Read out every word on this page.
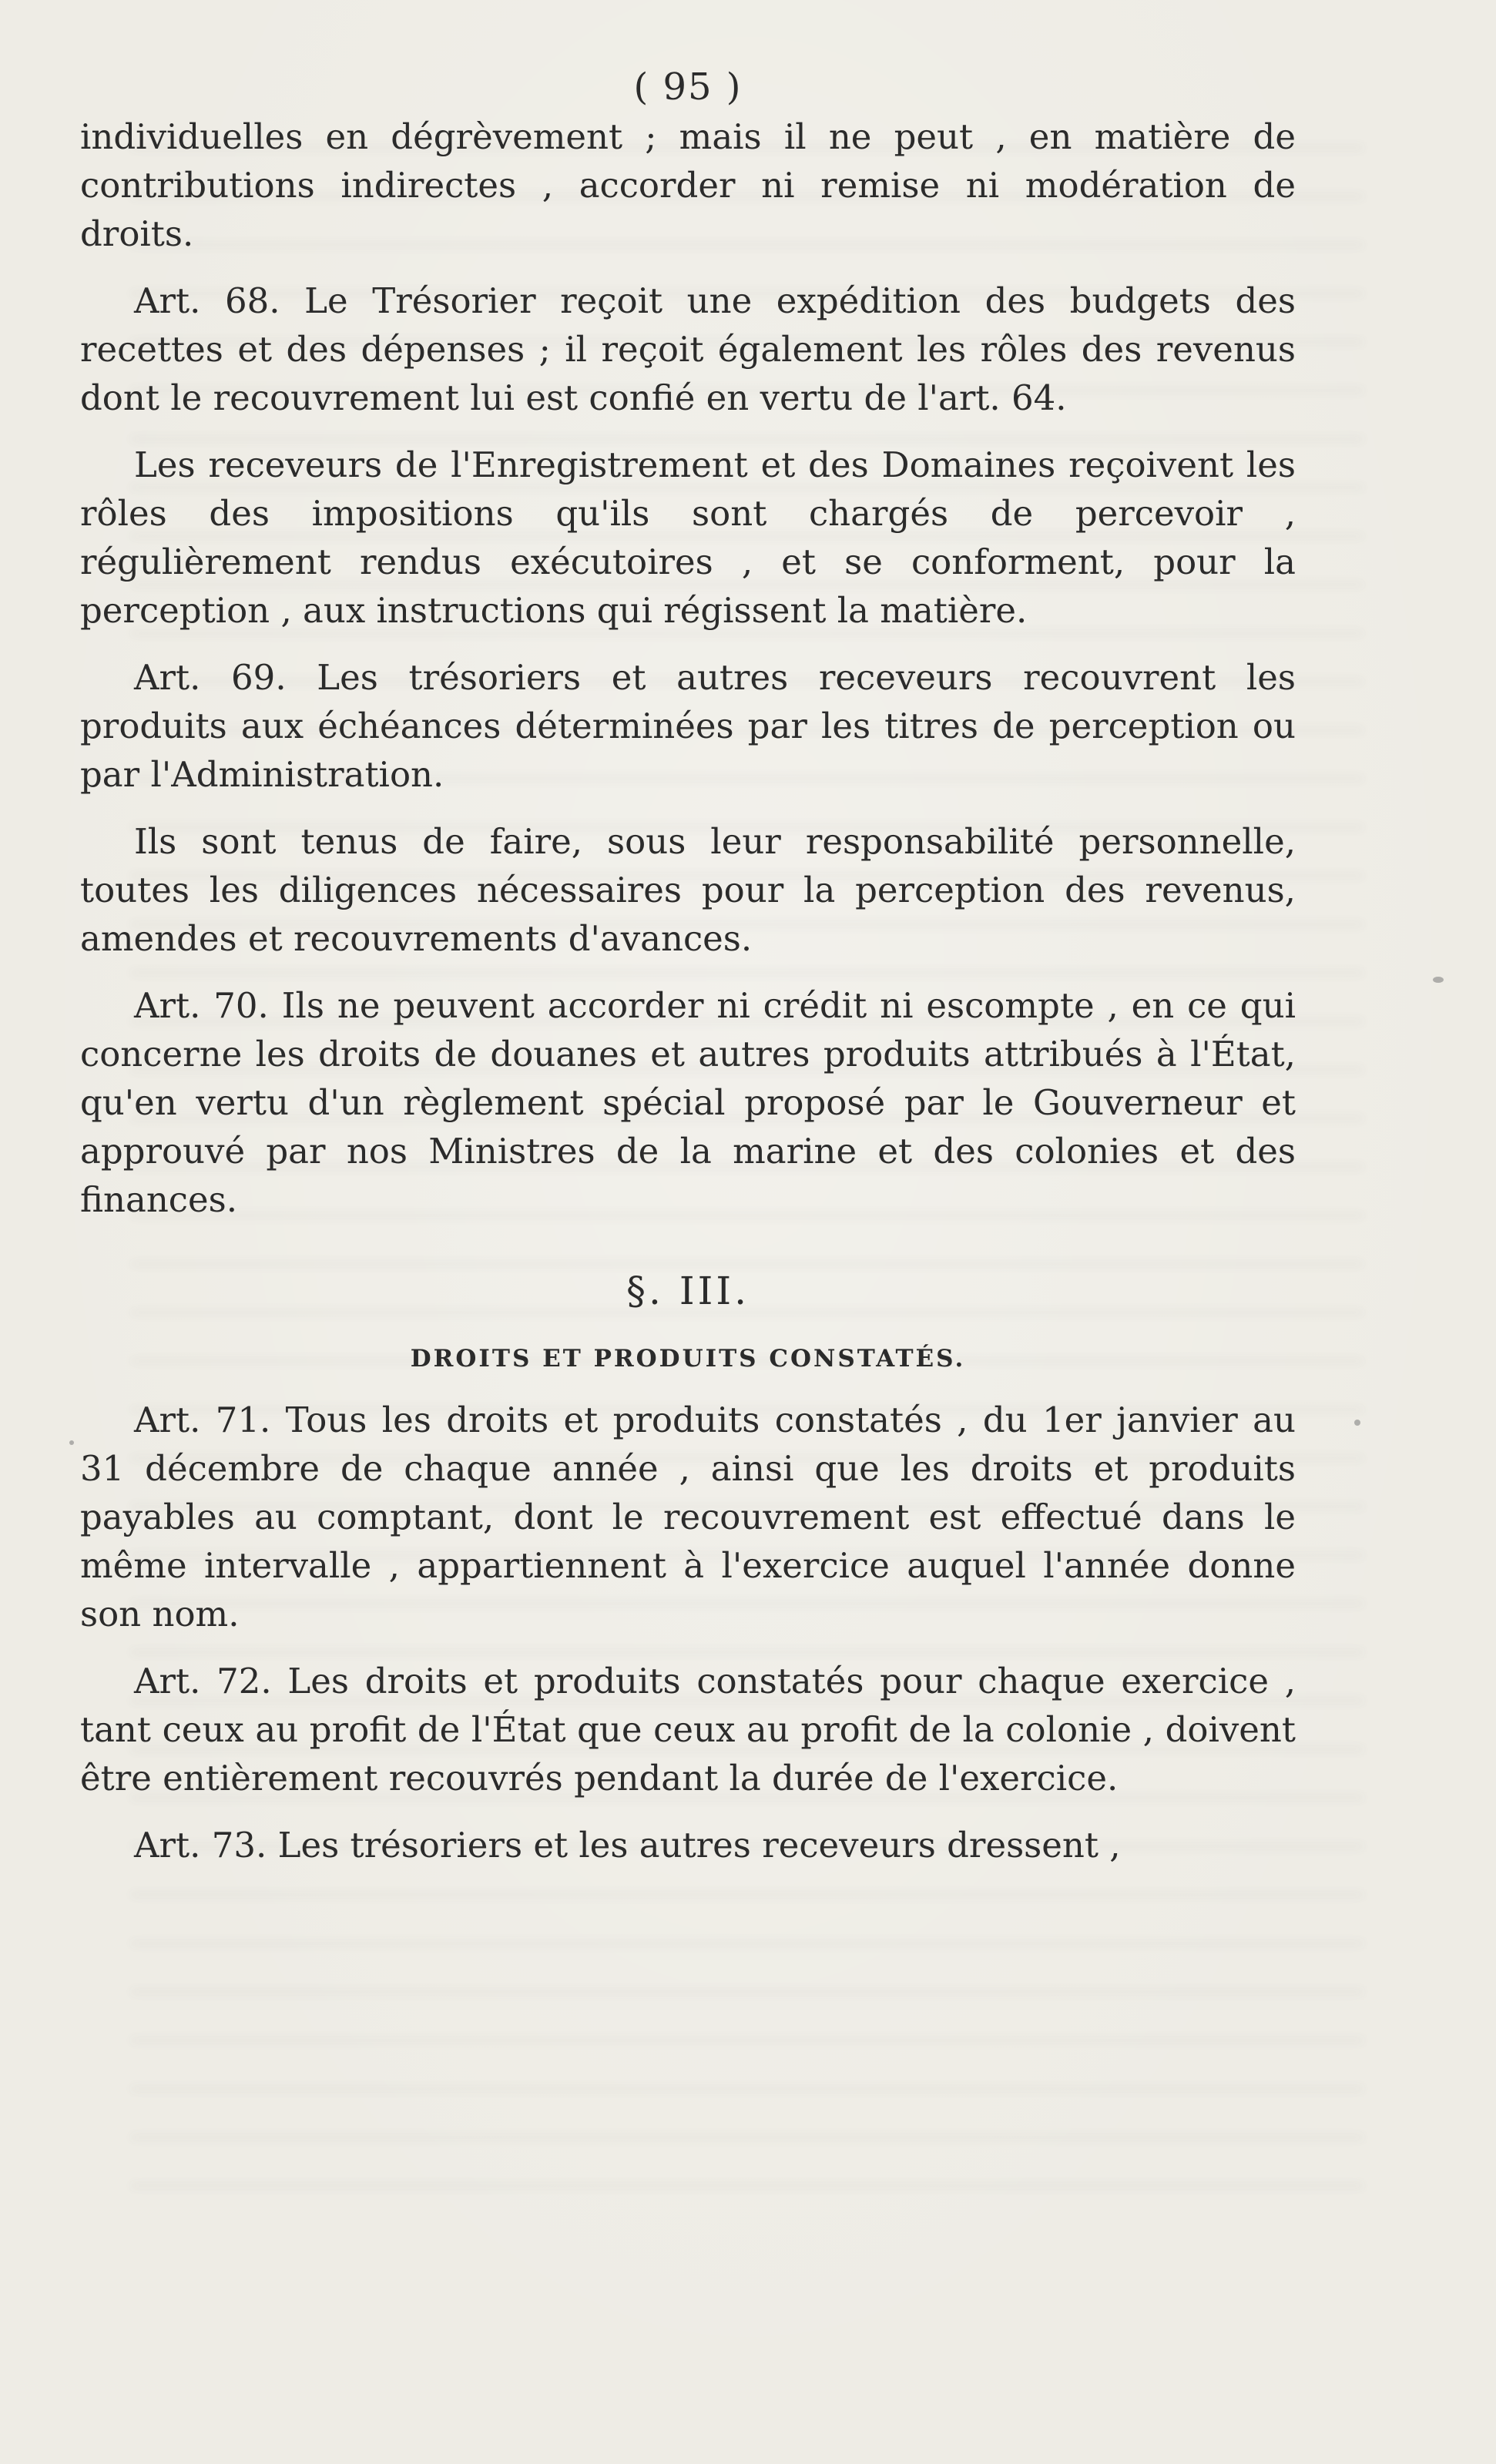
( 95 )

individuelles en dégrèvement ; mais il ne peut , en matière de contributions indirectes , accorder ni remise ni modération de droits.

Art. 68. Le Trésorier reçoit une expédition des budgets des recettes et des dépenses ; il reçoit également les rôles des revenus dont le recouvrement lui est confié en vertu de l'art. 64.

Les receveurs de l'Enregistrement et des Domaines reçoivent les rôles des impositions qu'ils sont chargés de percevoir , régulièrement rendus exécutoires , et se conforment, pour la perception , aux instructions qui régissent la matière.

Art. 69. Les trésoriers et autres receveurs recouvrent les produits aux échéances déterminées par les titres de perception ou par l'Administration.

Ils sont tenus de faire, sous leur responsabilité personnelle, toutes les diligences nécessaires pour la perception des revenus, amendes et recouvrements d'avances.

Art. 70. Ils ne peuvent accorder ni crédit ni escompte , en ce qui concerne les droits de douanes et autres produits attribués à l'État, qu'en vertu d'un règlement spécial proposé par le Gouverneur et approuvé par nos Ministres de la marine et des colonies et des finances.

§. III.
DROITS ET PRODUITS CONSTATÉS.

Art. 71. Tous les droits et produits constatés , du 1er janvier au 31 décembre de chaque année , ainsi que les droits et produits payables au comptant, dont le recouvrement est effectué dans le même intervalle , appartiennent à l'exercice auquel l'année donne son nom.

Art. 72. Les droits et produits constatés pour chaque exercice , tant ceux au profit de l'État que ceux au profit de la colonie , doivent être entièrement recouvrés pendant la durée de l'exercice.

Art. 73. Les trésoriers et les autres receveurs dressent ,
